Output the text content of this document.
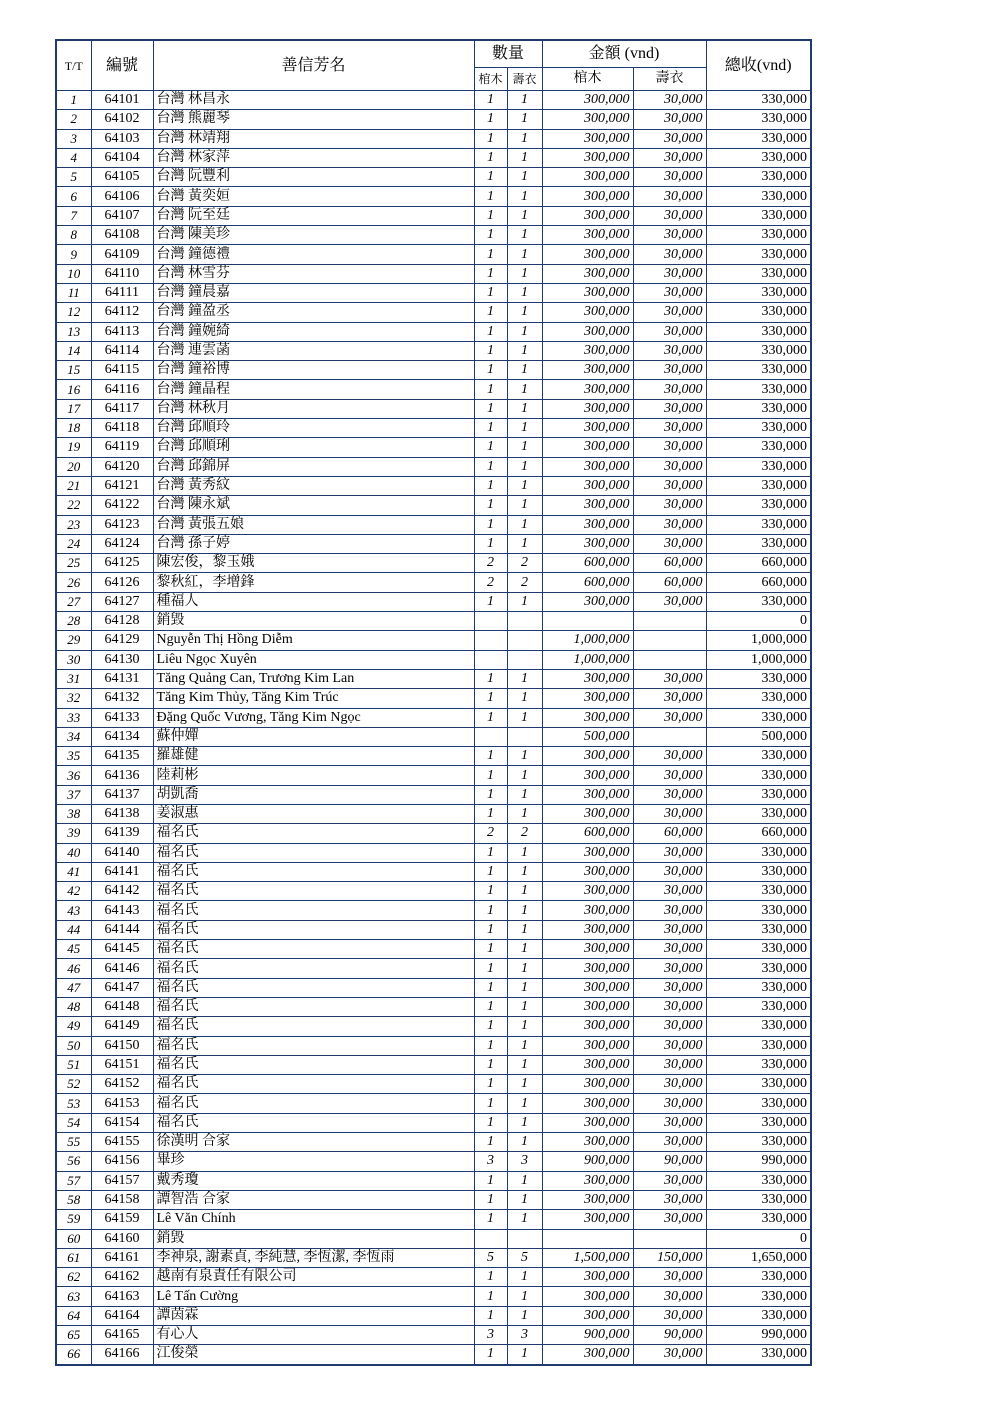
T/T	編號	善信芳名	數量		金額 (vnd)		總收(vnd)
			棺木	壽衣	棺木	壽衣	
1	64101	台灣 林昌永	1	1	300,000	30,000	330,000
2	64102	台灣 熊麗琴	1	1	300,000	30,000	330,000
3	64103	台灣 林靖翔	1	1	300,000	30,000	330,000
4	64104	台灣 林家萍	1	1	300,000	30,000	330,000
5	64105	台灣 阮豐利	1	1	300,000	30,000	330,000
6	64106	台灣 黃奕姮	1	1	300,000	30,000	330,000
7	64107	台灣 阮至廷	1	1	300,000	30,000	330,000
8	64108	台灣 陳美珍	1	1	300,000	30,000	330,000
9	64109	台灣 鐘德禮	1	1	300,000	30,000	330,000
10	64110	台灣 林雪芬	1	1	300,000	30,000	330,000
11	64111	台灣 鐘晨嘉	1	1	300,000	30,000	330,000
12	64112	台灣 鐘盈丞	1	1	300,000	30,000	330,000
13	64113	台灣 鐘婉綺	1	1	300,000	30,000	330,000
14	64114	台灣 連雲菡	1	1	300,000	30,000	330,000
15	64115	台灣 鐘裕博	1	1	300,000	30,000	330,000
16	64116	台灣 鐘晶程	1	1	300,000	30,000	330,000
17	64117	台灣 林秋月	1	1	300,000	30,000	330,000
18	64118	台灣 邱順玲	1	1	300,000	30,000	330,000
19	64119	台灣 邱順琍	1	1	300,000	30,000	330,000
20	64120	台灣 邱錦屏	1	1	300,000	30,000	330,000
21	64121	台灣 黃秀紋	1	1	300,000	30,000	330,000
22	64122	台灣 陳永斌	1	1	300,000	30,000	330,000
23	64123	台灣 黃張五娘	1	1	300,000	30,000	330,000
24	64124	台灣 孫子婷	1	1	300,000	30,000	330,000
25	64125	陳宏俊，黎玉娥	2	2	600,000	60,000	660,000
26	64126	黎秋紅，李增鋒	2	2	600,000	60,000	660,000
27	64127	種福人	1	1	300,000	30,000	330,000
28	64128	銷毀					0
29	64129	Nguyễn Thị Hồng Diễm			1,000,000		1,000,000
30	64130	Liêu Ngọc Xuyên			1,000,000		1,000,000
31	64131	Tăng Quảng Can, Trương Kim Lan	1	1	300,000	30,000	330,000
32	64132	Tăng Kim Thủy, Tăng Kim Trúc	1	1	300,000	30,000	330,000
33	64133	Đặng Quốc Vương, Tăng Kim Ngọc	1	1	300,000	30,000	330,000
34	64134	蘇仲嬋			500,000		500,000
35	64135	羅雄健	1	1	300,000	30,000	330,000
36	64136	陸莉彬	1	1	300,000	30,000	330,000
37	64137	胡凱喬	1	1	300,000	30,000	330,000
38	64138	姜淑惠	1	1	300,000	30,000	330,000
39	64139	福名氏	2	2	600,000	60,000	660,000
40	64140	福名氏	1	1	300,000	30,000	330,000
41	64141	福名氏	1	1	300,000	30,000	330,000
42	64142	福名氏	1	1	300,000	30,000	330,000
43	64143	福名氏	1	1	300,000	30,000	330,000
44	64144	福名氏	1	1	300,000	30,000	330,000
45	64145	福名氏	1	1	300,000	30,000	330,000
46	64146	福名氏	1	1	300,000	30,000	330,000
47	64147	福名氏	1	1	300,000	30,000	330,000
48	64148	福名氏	1	1	300,000	30,000	330,000
49	64149	福名氏	1	1	300,000	30,000	330,000
50	64150	福名氏	1	1	300,000	30,000	330,000
51	64151	福名氏	1	1	300,000	30,000	330,000
52	64152	福名氏	1	1	300,000	30,000	330,000
53	64153	福名氏	1	1	300,000	30,000	330,000
54	64154	福名氏	1	1	300,000	30,000	330,000
55	64155	徐漢明 合家	1	1	300,000	30,000	330,000
56	64156	畢珍	3	3	900,000	90,000	990,000
57	64157	戴秀瓊	1	1	300,000	30,000	330,000
58	64158	譚智浩 合家	1	1	300,000	30,000	330,000
59	64159	Lê Văn Chính	1	1	300,000	30,000	330,000
60	64160	銷毀					0
61	64161	李神泉, 謝素貞, 李純慧, 李恆潔, 李恆雨	5	5	1,500,000	150,000	1,650,000
62	64162	越南有泉責任有限公司	1	1	300,000	30,000	330,000
63	64163	Lê Tấn Cường	1	1	300,000	30,000	330,000
64	64164	譚茵霖	1	1	300,000	30,000	330,000
65	64165	有心人	3	3	900,000	90,000	990,000
66	64166	江俊榮	1	1	300,000	30,000	330,000
